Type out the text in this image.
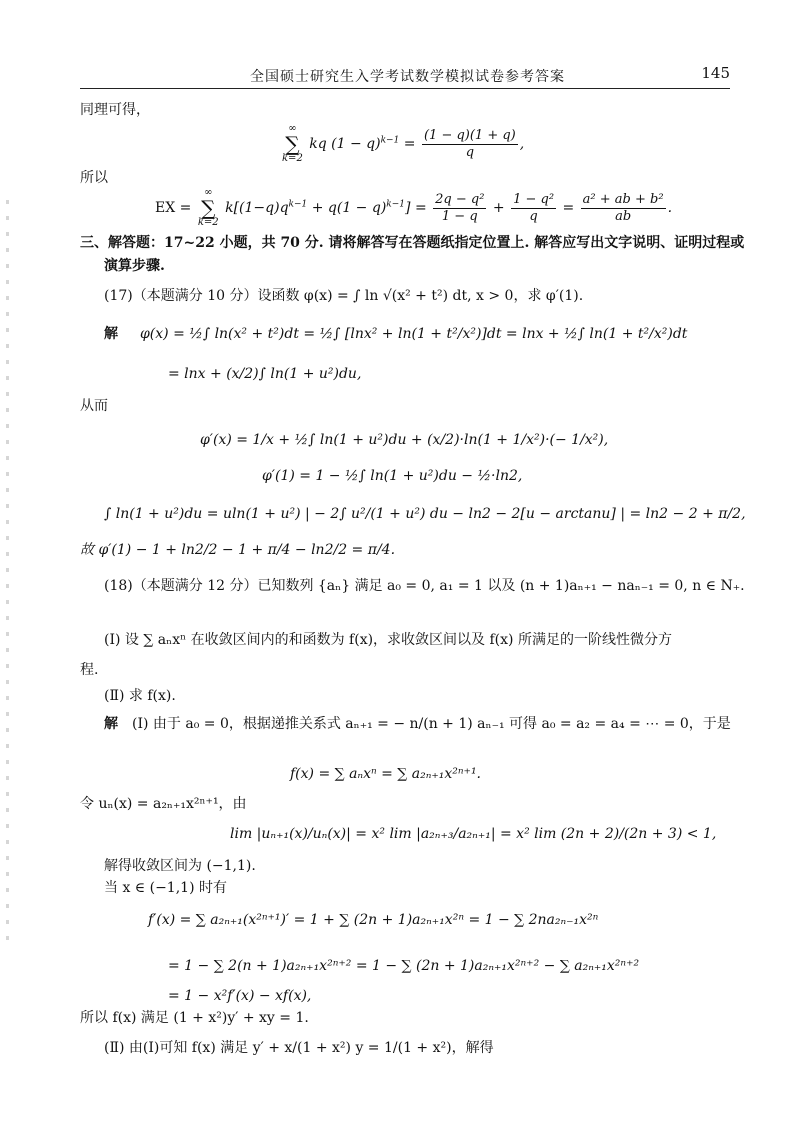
全国硕士研究生入学考试数学模拟试卷参考答案	145
同理可得，
∞
∑
k=2 kq $(1 - q)^{k-1} = \frac{(1 - q)(1 + q)}{q}$ ,
所以
EX = ∞
∑
k=2 $k[(1-q)q^{k-1} + q(1 - q)^{k-1}] = \frac{\text{2q − q²}}{1 - q} + \frac{\text{1 − q²}}{q} = \frac{\text{a² + ab + b²}}{ab}$ .
三、解答题：17~22 小题，共 70 分. 请将解答写在答题纸指定位置上. 解答应写出文字说明、证明过程或
演算步骤.
(17)（本题满分 10 分）设函数 φ(x) = ∫ ln √(x² + t²) dt, x > 0，求 φ′(1).
解 φ(x) = ½∫ ln(x² + t²)dt = ½∫ [lnx² + ln(1 + t²/x²)]dt = lnx + ½∫ ln(1 + t²/x²)dt
= lnx + (x/2)∫ ln(1 + u²)du,
从而
φ′(x) = 1/x + ½∫ ln(1 + u²)du + (x/2)·ln(1 + 1/x²)·(− 1/x²),
φ′(1) = 1 − ½∫ ln(1 + u²)du − ½·ln2,
∫ ln(1 + u²)du = uln(1 + u²) | − 2∫ u²/(1 + u²) du − ln2 − 2[u − arctanu] | = ln2 − 2 + π/2,
故 φ′(1) − 1 + ln2/2 − 1 + π/4 − ln2/2 = π/4.
(18)（本题满分 12 分）已知数列 {aₙ} 满足 a₀ = 0, a₁ = 1 以及 (n + 1)aₙ₊₁ − naₙ₋₁ = 0, n ∈ N₊.
(Ⅰ) 设 ∑ aₙxⁿ 在收敛区间内的和函数为 f(x)，求收敛区间以及 f(x) 所满足的一阶线性微分方
程.
(Ⅱ) 求 f(x).
解 (Ⅰ) 由于 a₀ = 0，根据递推关系式 aₙ₊₁ = − n/(n + 1) aₙ₋₁ 可得 a₀ = a₂ = a₄ = ⋯ = 0，于是
f(x) = ∑ aₙxⁿ = ∑ a₂ₙ₊₁x²ⁿ⁺¹.
令 uₙ(x) = a₂ₙ₊₁x²ⁿ⁺¹，由
lim |uₙ₊₁(x)/uₙ(x)| = x² lim |a₂ₙ₊₃/a₂ₙ₊₁| = x² lim (2n + 2)/(2n + 3) < 1,
解得收敛区间为 (−1,1).
当 x ∈ (−1,1) 时有
f′(x) = ∑ a₂ₙ₊₁(x²ⁿ⁺¹)′ = 1 + ∑ (2n + 1)a₂ₙ₊₁x²ⁿ = 1 − ∑ 2na₂ₙ₋₁x²ⁿ
= 1 − ∑ 2(n + 1)a₂ₙ₊₁x²ⁿ⁺² = 1 − ∑ (2n + 1)a₂ₙ₊₁x²ⁿ⁺² − ∑ a₂ₙ₊₁x²ⁿ⁺²
= 1 − x²f′(x) − xf(x),
所以 f(x) 满足 (1 + x²)y′ + xy = 1.
(Ⅱ) 由(Ⅰ)可知 f(x) 满足 y′ + x/(1 + x²) y = 1/(1 + x²)，解得
